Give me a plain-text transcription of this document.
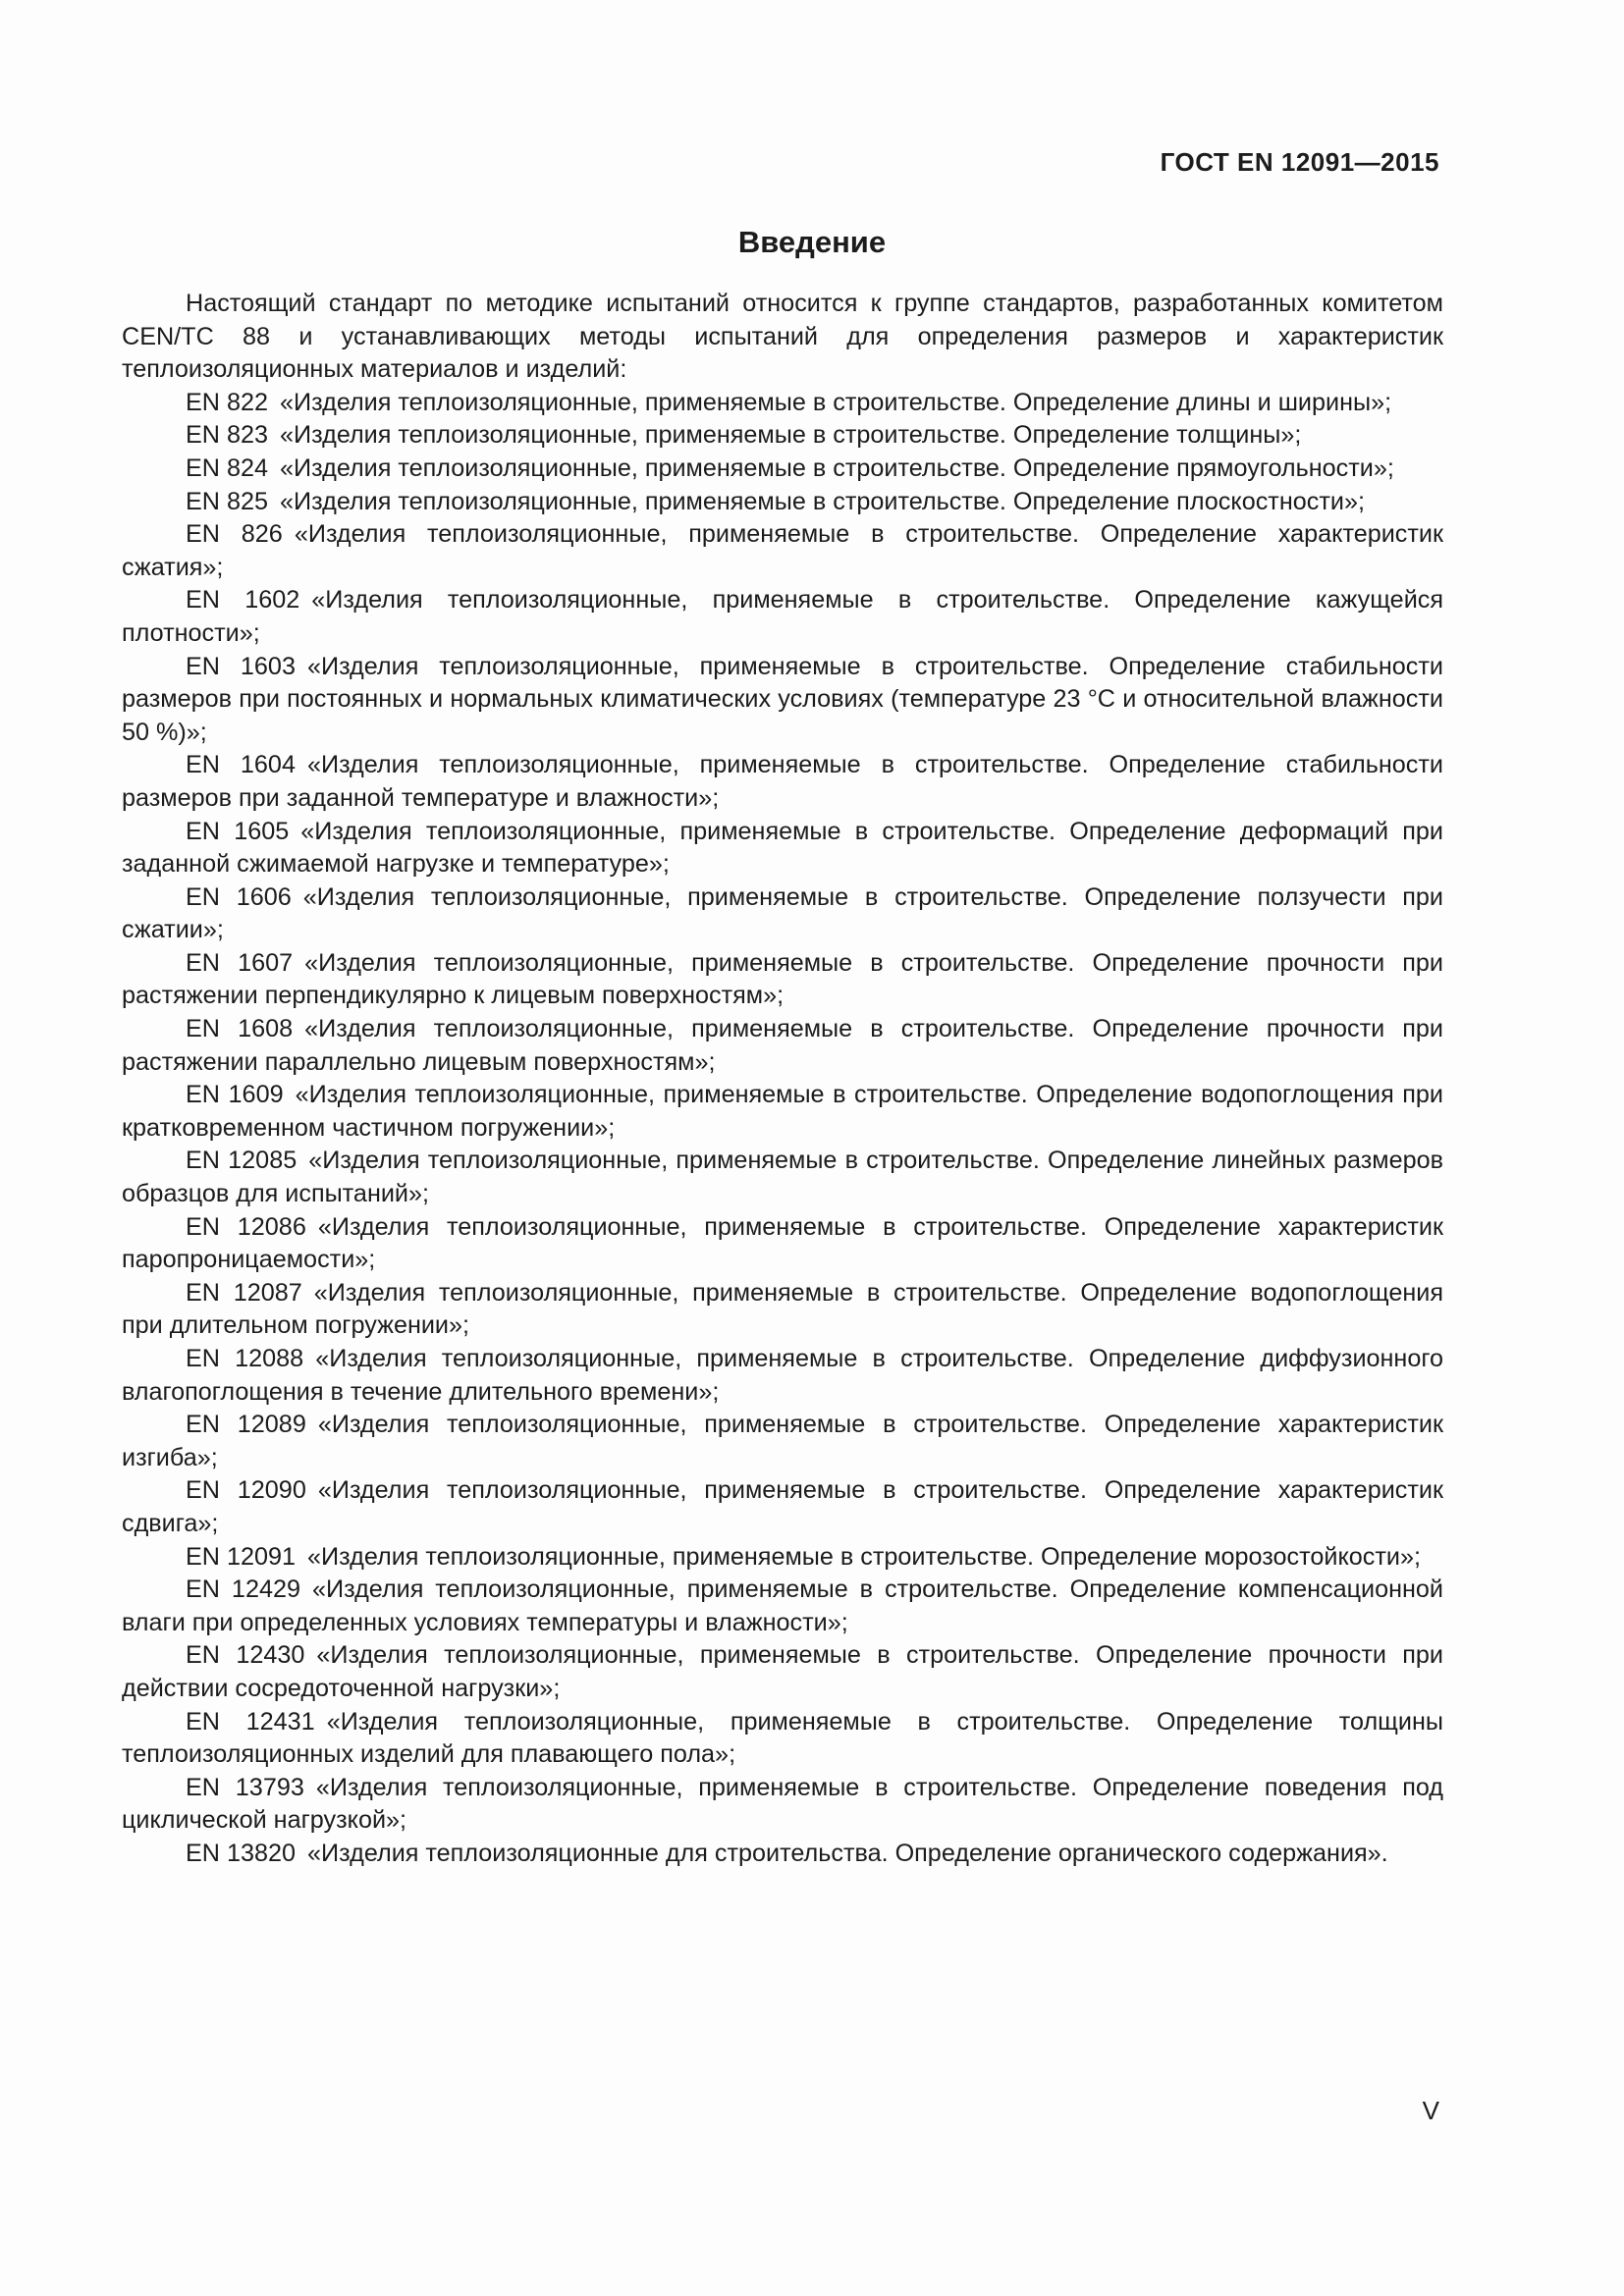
ГОСТ EN 12091—2015
Введение

Настоящий стандарт по методике испытаний относится к группе стандартов, разработанных комитетом CEN/TC 88 и устанавливающих методы испытаний для определения размеров и характеристик теплоизоляционных материалов и изделий:

EN 822 «Изделия теплоизоляционные, применяемые в строительстве. Определение длины и ширины»;

EN 823 «Изделия теплоизоляционные, применяемые в строительстве. Определение толщины»;

EN 824 «Изделия теплоизоляционные, применяемые в строительстве. Определение прямоугольности»;

EN 825 «Изделия теплоизоляционные, применяемые в строительстве. Определение плоскостности»;

EN 826 «Изделия теплоизоляционные, применяемые в строительстве. Определение характеристик сжатия»;

EN 1602 «Изделия теплоизоляционные, применяемые в строительстве. Определение кажущейся плотности»;

EN 1603 «Изделия теплоизоляционные, применяемые в строительстве. Определение стабильности размеров при постоянных и нормальных климатических условиях (температуре 23 °С и относительной влажности 50 %)»;

EN 1604 «Изделия теплоизоляционные, применяемые в строительстве. Определение стабильности размеров при заданной температуре и влажности»;

EN 1605 «Изделия теплоизоляционные, применяемые в строительстве. Определение деформаций при заданной сжимаемой нагрузке и температуре»;

EN 1606 «Изделия теплоизоляционные, применяемые в строительстве. Определение ползучести при сжатии»;

EN 1607 «Изделия теплоизоляционные, применяемые в строительстве. Определение прочности при растяжении перпендикулярно к лицевым поверхностям»;

EN 1608 «Изделия теплоизоляционные, применяемые в строительстве. Определение прочности при растяжении параллельно лицевым поверхностям»;

EN 1609 «Изделия теплоизоляционные, применяемые в строительстве. Определение водопоглощения при кратковременном частичном погружении»;

EN 12085 «Изделия теплоизоляционные, применяемые в строительстве. Определение линейных размеров образцов для испытаний»;

EN 12086 «Изделия теплоизоляционные, применяемые в строительстве. Определение характеристик паропроницаемости»;

EN 12087 «Изделия теплоизоляционные, применяемые в строительстве. Определение водопоглощения при длительном погружении»;

EN 12088 «Изделия теплоизоляционные, применяемые в строительстве. Определение диффузионного влагопоглощения в течение длительного времени»;

EN 12089 «Изделия теплоизоляционные, применяемые в строительстве. Определение характеристик изгиба»;

EN 12090 «Изделия теплоизоляционные, применяемые в строительстве. Определение характеристик сдвига»;

EN 12091 «Изделия теплоизоляционные, применяемые в строительстве. Определение морозостойкости»;

EN 12429 «Изделия теплоизоляционные, применяемые в строительстве. Определение компенсационной влаги при определенных условиях температуры и влажности»;

EN 12430 «Изделия теплоизоляционные, применяемые в строительстве. Определение прочности при действии сосредоточенной нагрузки»;

EN 12431 «Изделия теплоизоляционные, применяемые в строительстве. Определение толщины теплоизоляционных изделий для плавающего пола»;

EN 13793 «Изделия теплоизоляционные, применяемые в строительстве. Определение поведения под циклической нагрузкой»;

EN 13820 «Изделия теплоизоляционные для строительства. Определение органического содержания».

V
